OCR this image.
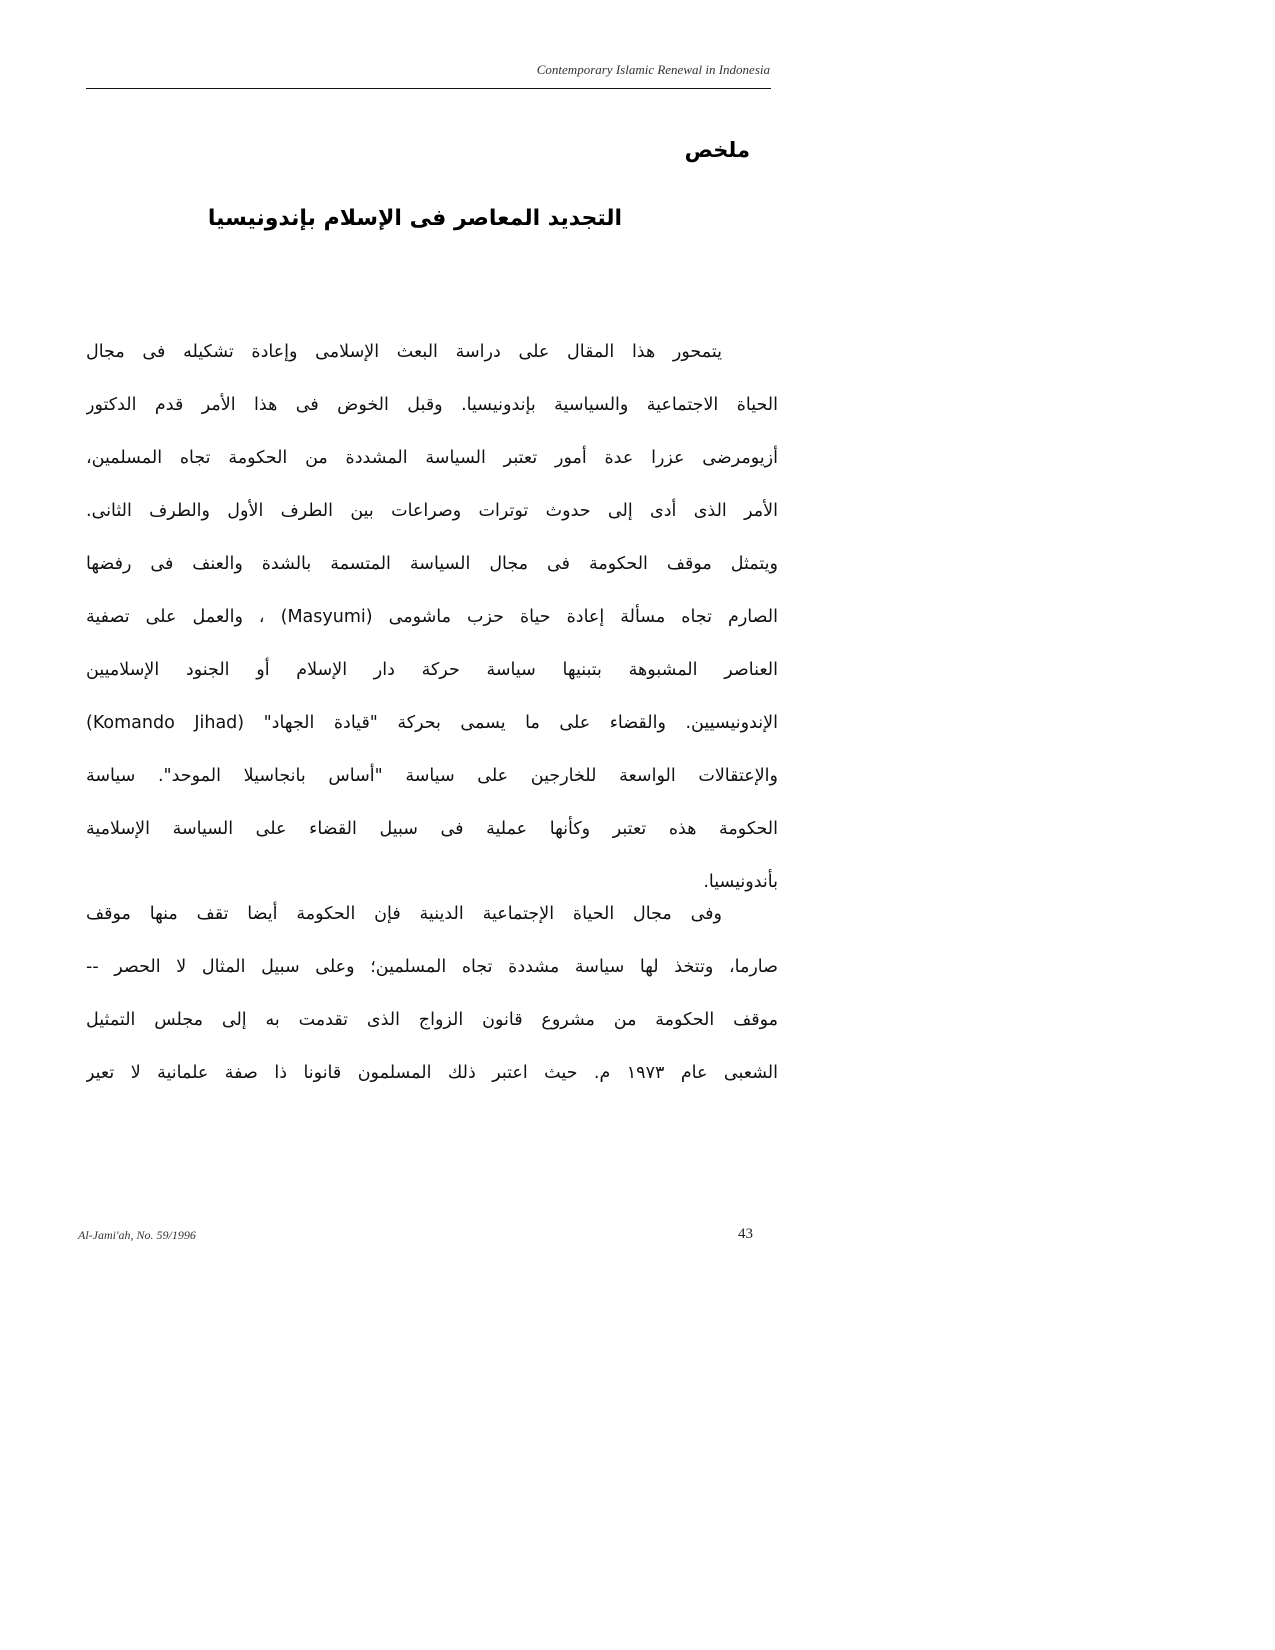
Contemporary Islamic Renewal in Indonesia
ملخص
التجديد المعاصر فى الإسلام بإندونيسيا
يتمحور هذا المقال على دراسة البعث الإسلامى وإعادة تشكيله فى مجال
الحياة الاجتماعية والسياسية بإندونيسيا. وقبل الخوض فى هذا الأمر قدم الدكتور
أزيومرضى عزرا عدة أمور تعتبر السياسة المشددة من الحكومة تجاه المسلمين،
الأمر الذى أدى إلى حدوث توترات وصراعات بين الطرف الأول والطرف الثانى.
ويتمثل موقف الحكومة فى مجال السياسة المتسمة بالشدة والعنف فى رفضها
الصارم تجاه مسألة إعادة حياة حزب ماشومى (Masyumi) ، والعمل على تصفية
العناصر المشبوهة بتبنيها سياسة حركة دار الإسلام أو الجنود الإسلاميين
الإندونيسيين. والقضاء على ما يسمى بحركة "قيادة الجهاد" (Komando Jihad)
والإعتقالات الواسعة للخارجين على سياسة "أساس بانجاسيلا الموحد". سياسة
الحكومة هذه تعتبر وكأنها عملية فى سبيل القضاء على السياسة الإسلامية
بأندونيسيا.
وفى مجال الحياة الإجتماعية الدينية فإن الحكومة أيضا تقف منها موقف
صارما، وتتخذ لها سياسة مشددة تجاه المسلمين؛ وعلى سبيل المثال لا الحصر --
موقف الحكومة من مشروع قانون الزواج الذى تقدمت به إلى مجلس التمثيل
الشعبى عام ١٩٧٣ م. حيث اعتبر ذلك المسلمون قانونا ذا صفة علمانية لا تعير
Al-Jami'ah, No. 59/1996	43
